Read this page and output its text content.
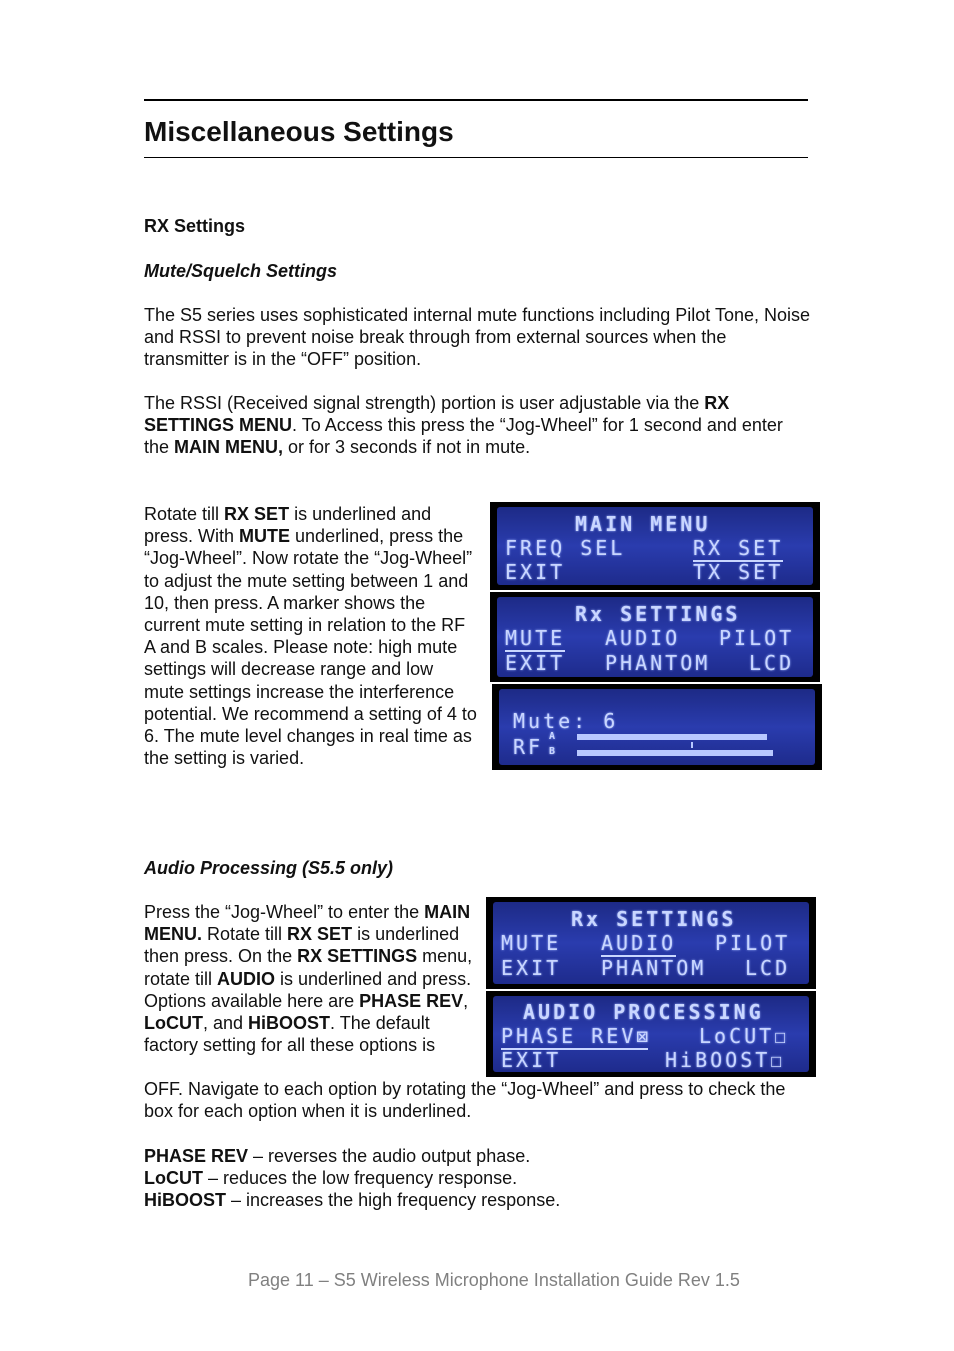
Miscellaneous Settings
RX Settings
Mute/Squelch Settings

The S5 series uses sophisticated internal mute functions including Pilot Tone, Noise and RSSI to prevent noise break through from external sources when the transmitter is in the “OFF” position.

The RSSI (Received signal strength) portion is user adjustable via the RX SETTINGS MENU. To Access this press the “Jog-Wheel” for 1 second and enter the MAIN MENU, or for 3 seconds if not in mute.

Rotate till RX SET is underlined and press. With MUTE underlined, press the “Jog-Wheel”. Now rotate the “Jog-Wheel” to adjust the mute setting between 1 and 10, then press. A marker shows the current mute setting in relation to the RF A and B scales. Please note: high mute settings will decrease range and low mute settings increase the interference potential. We recommend a setting of 4 to 6. The mute level changes in real time as the setting is varied.

MAIN MENU
FREQ SEL	RX SET
EXIT	TX SET
Rx SETTINGS
MUTE AUDIO PILOT
EXIT PHANTOM LCD
Mute: 6
RF A
B
Audio Processing (S5.5 only)

Press the “Jog-Wheel” to enter the MAIN MENU. Rotate till RX SET is underlined then press. On the RX SETTINGS menu, rotate till AUDIO is underlined and press. Options available here are PHASE REV, LoCUT, and HiBOOST. The default factory setting for all these options is

OFF. Navigate to each option by rotating the “Jog-Wheel” and press to check the box for each option when it is underlined.

Rx SETTINGS
MUTE AUDIO PILOT
EXIT PHANTOM LCD
AUDIO PROCESSING
PHASE REV⊠	LoCUT☐
EXIT	HiBOOST☐

PHASE REV – reverses the audio output phase.

LoCUT – reduces the low frequency response.

HiBOOST – increases the high frequency response.

Page 11 – S5 Wireless Microphone Installation Guide Rev 1.5
